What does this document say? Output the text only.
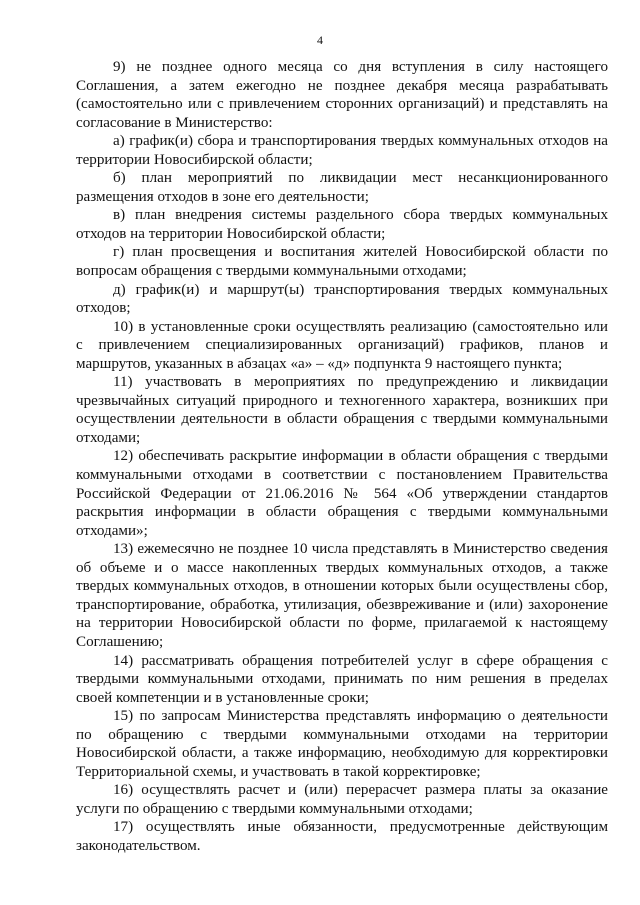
4

9) не позднее одного месяца со дня вступления в силу настоящего Соглашения, а затем ежегодно не позднее декабря месяца разрабатывать (самостоятельно или с привлечением сторонних организаций) и представлять на согласование в Министерство:

а) график(и) сбора и транспортирования твердых коммунальных отходов на территории Новосибирской области;

б) план мероприятий по ликвидации мест несанкционированного размещения отходов в зоне его деятельности;

в) план внедрения системы раздельного сбора твердых коммунальных отходов на территории Новосибирской области;

г) план просвещения и воспитания жителей Новосибирской области по вопросам обращения с твердыми коммунальными отходами;

д) график(и) и маршрут(ы) транспортирования твердых коммунальных отходов;

10) в установленные сроки осуществлять реализацию (самостоятельно или с привлечением специализированных организаций) графиков, планов и маршрутов, указанных в абзацах «а» – «д» подпункта 9 настоящего пункта;

11) участвовать в мероприятиях по предупреждению и ликвидации чрезвычайных ситуаций природного и техногенного характера, возникших при осуществлении деятельности в области обращения с твердыми коммунальными отходами;

12) обеспечивать раскрытие информации в области обращения с твердыми коммунальными отходами в соответствии с постановлением Правительства Российской Федерации от 21.06.2016 № 564 «Об утверждении стандартов раскрытия информации в области обращения с твердыми коммунальными отходами»;

13) ежемесячно не позднее 10 числа представлять в Министерство сведения об объеме и о массе накопленных твердых коммунальных отходов, а также твердых коммунальных отходов, в отношении которых были осуществлены сбор, транспортирование, обработка, утилизация, обезвреживание и (или) захоронение на территории Новосибирской области по форме, прилагаемой к настоящему Соглашению;

14) рассматривать обращения потребителей услуг в сфере обращения с твердыми коммунальными отходами, принимать по ним решения в пределах своей компетенции и в установленные сроки;

15) по запросам Министерства представлять информацию о деятельности по обращению с твердыми коммунальными отходами на территории Новосибирской области, а также информацию, необходимую для корректировки Территориальной схемы, и участвовать в такой корректировке;

16) осуществлять расчет и (или) перерасчет размера платы за оказание услуги по обращению с твердыми коммунальными отходами;

17) осуществлять иные обязанности, предусмотренные действующим законодательством.
